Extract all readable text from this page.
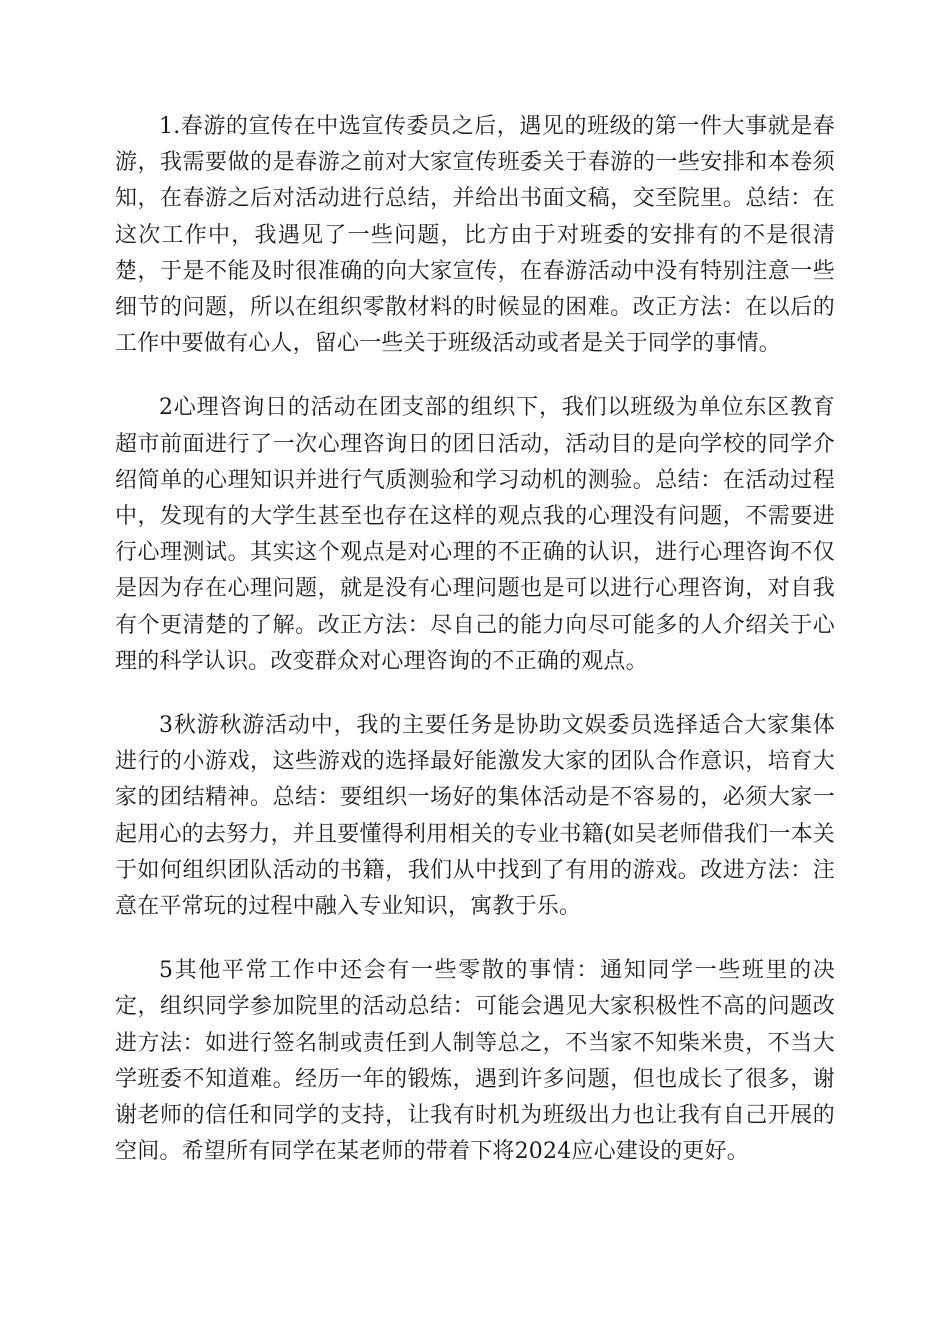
1.春游的宣传在中选宣传委员之后，遇见的班级的第一件大事就是春游，我需要做的是春游之前对大家宣传班委关于春游的一些安排和本卷须知，在春游之后对活动进行总结，并给出书面文稿，交至院里。总结：在这次工作中，我遇见了一些问题，比方由于对班委的安排有的不是很清楚，于是不能及时很准确的向大家宣传，在春游活动中没有特别注意一些细节的问题，所以在组织零散材料的时候显的困难。改正方法：在以后的工作中要做有心人，留心一些关于班级活动或者是关于同学的事情。

2心理咨询日的活动在团支部的组织下，我们以班级为单位东区教育超市前面进行了一次心理咨询日的团日活动，活动目的是向学校的同学介绍简单的心理知识并进行气质测验和学习动机的测验。总结：在活动过程中，发现有的大学生甚至也存在这样的观点我的心理没有问题，不需要进行心理测试。其实这个观点是对心理的不正确的认识，进行心理咨询不仅是因为存在心理问题，就是没有心理问题也是可以进行心理咨询，对自我有个更清楚的了解。改正方法：尽自己的能力向尽可能多的人介绍关于心理的科学认识。改变群众对心理咨询的不正确的观点。

3秋游秋游活动中，我的主要任务是协助文娱委员选择适合大家集体进行的小游戏，这些游戏的选择最好能激发大家的团队合作意识，培育大家的团结精神。总结：要组织一场好的集体活动是不容易的，必须大家一起用心的去努力，并且要懂得利用相关的专业书籍(如吴老师借我们一本关于如何组织团队活动的书籍，我们从中找到了有用的游戏。改进方法：注意在平常玩的过程中融入专业知识，寓教于乐。

5其他平常工作中还会有一些零散的事情：通知同学一些班里的决定，组织同学参加院里的活动总结：可能会遇见大家积极性不高的问题改进方法：如进行签名制或责任到人制等总之，不当家不知柴米贵，不当大学班委不知道难。经历一年的锻炼，遇到许多问题，但也成长了很多，谢谢老师的信任和同学的支持，让我有时机为班级出力也让我有自己开展的空间。希望所有同学在某老师的带着下将2024应心建设的更好。
